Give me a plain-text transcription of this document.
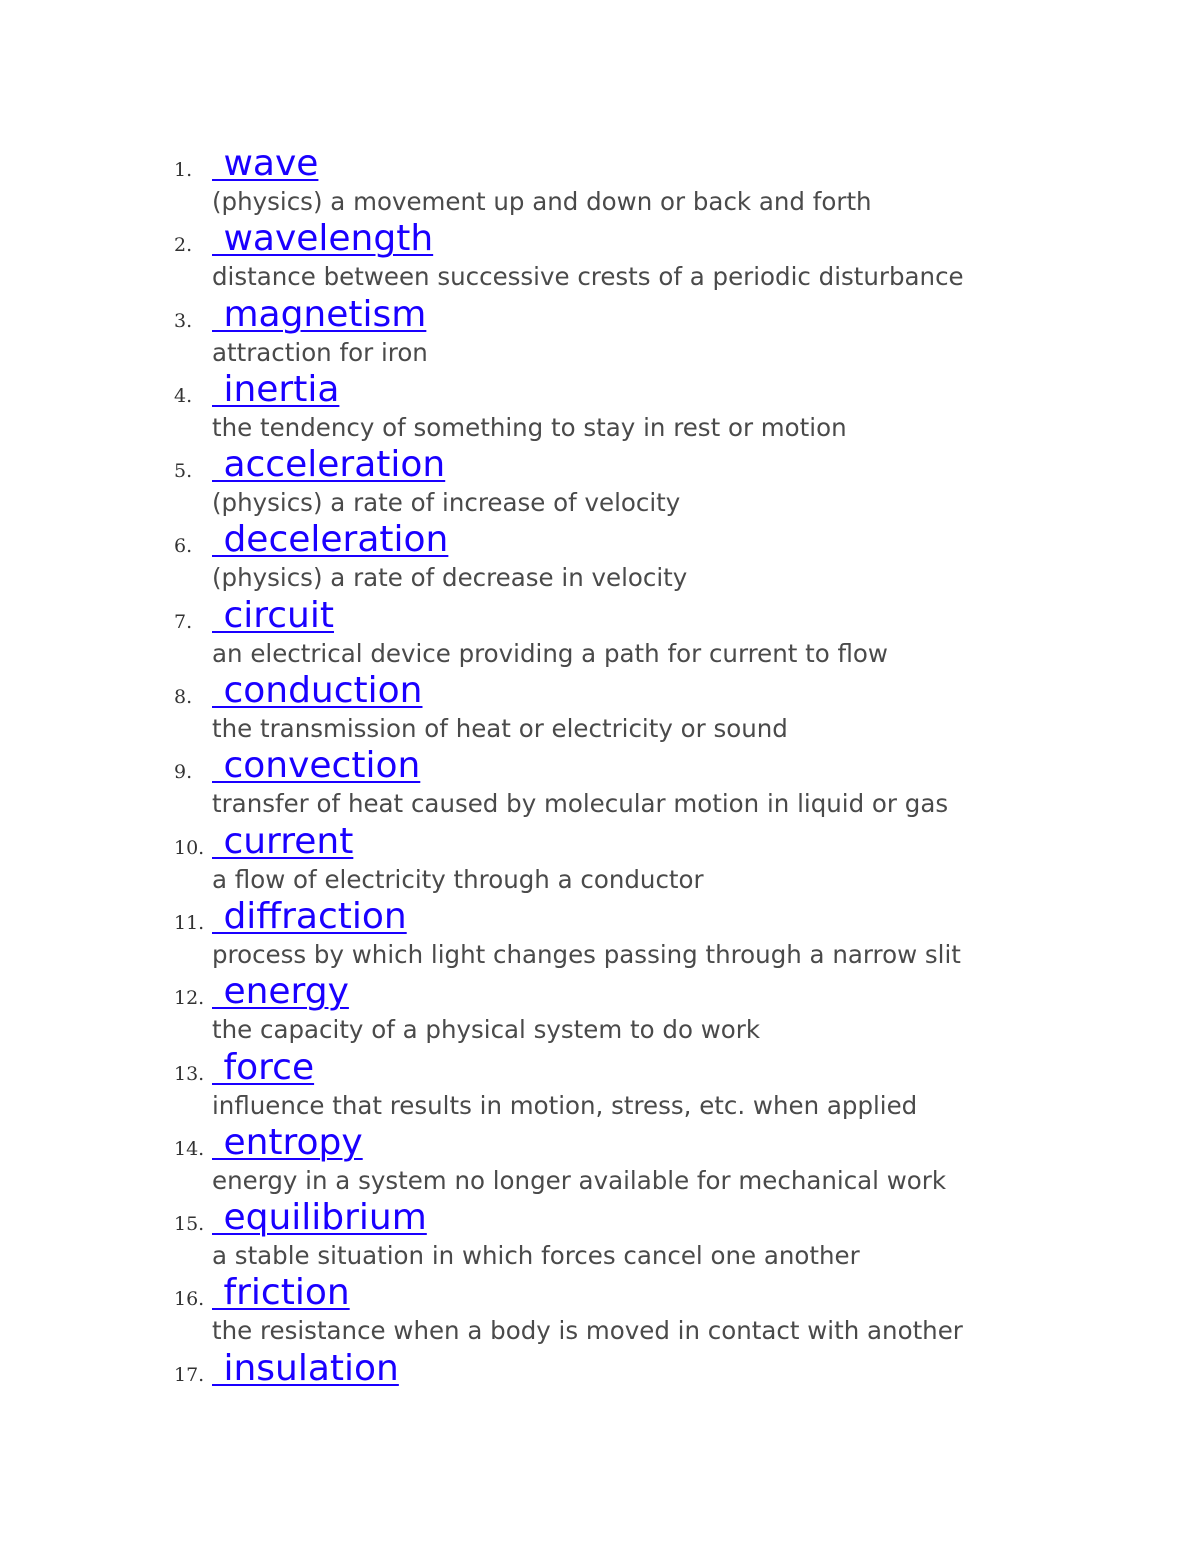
1. wave
(physics) a movement up and down or back and forth
2. wavelength
distance between successive crests of a periodic disturbance
3. magnetism
attraction for iron
4. inertia
the tendency of something to stay in rest or motion
5. acceleration
(physics) a rate of increase of velocity
6. deceleration
(physics) a rate of decrease in velocity
7. circuit
an electrical device providing a path for current to flow
8. conduction
the transmission of heat or electricity or sound
9. convection
transfer of heat caused by molecular motion in liquid or gas
10. current
a flow of electricity through a conductor
11. diffraction
process by which light changes passing through a narrow slit
12. energy
the capacity of a physical system to do work
13. force
influence that results in motion, stress, etc. when applied
14. entropy
energy in a system no longer available for mechanical work
15. equilibrium
a stable situation in which forces cancel one another
16. friction
the resistance when a body is moved in contact with another
17. insulation
